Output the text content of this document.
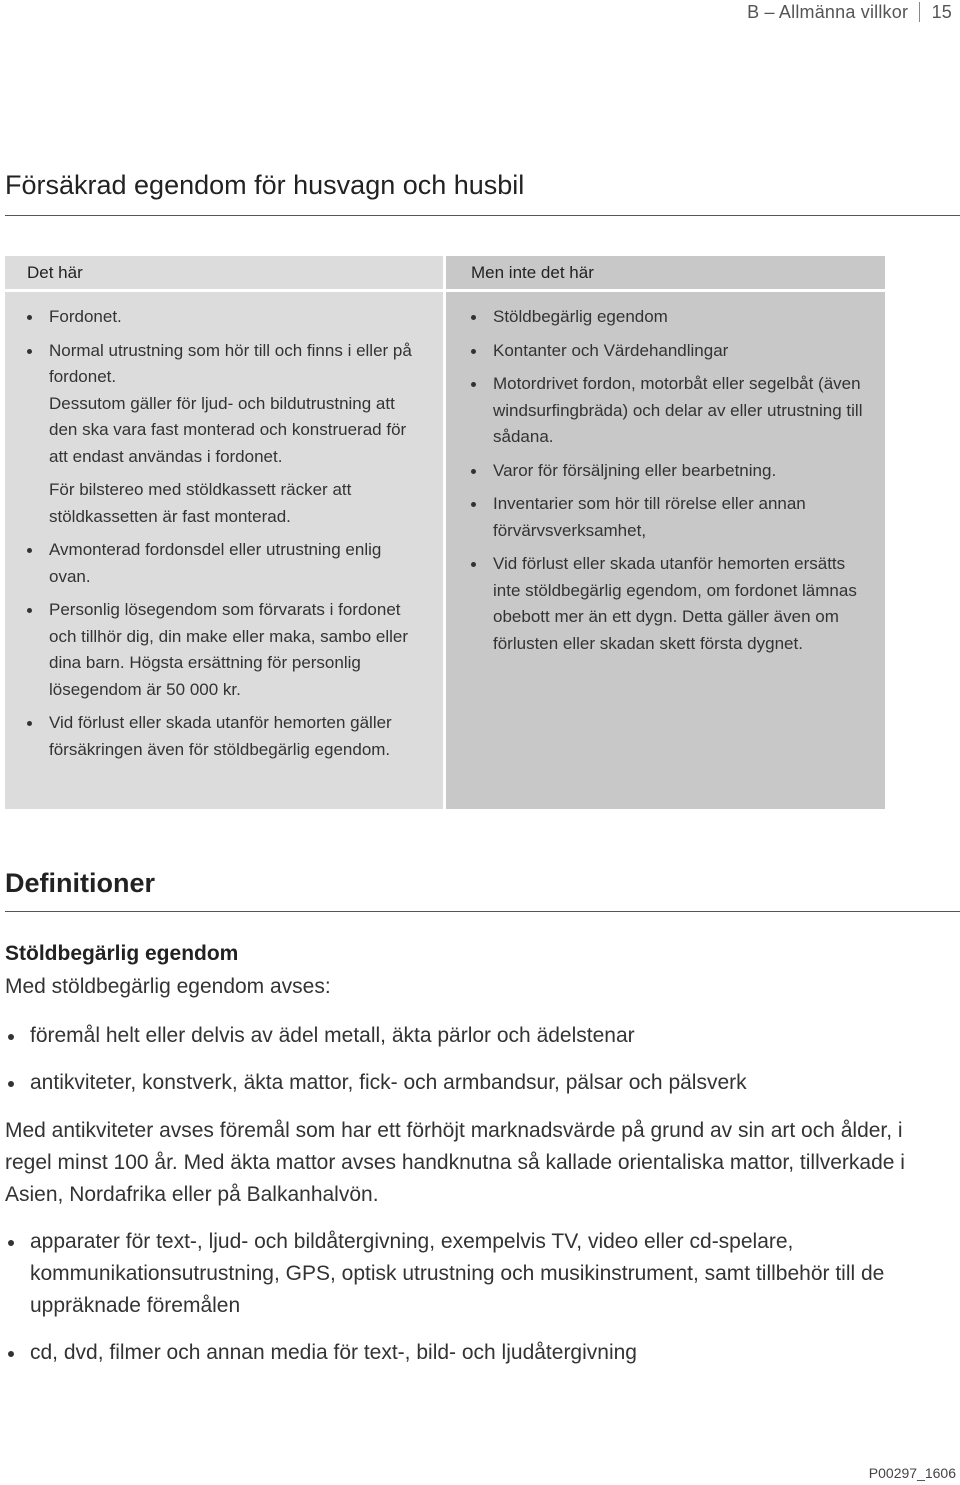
B – Allmänna villkor 15
Försäkrad egendom för husvagn och husbil
Det här
Fordonet.
Normal utrustning som hör till och finns i eller på fordonet.
Dessutom gäller för ljud- och bildutrustning att den ska vara fast monterad och konstruerad för att endast användas i fordonet.
För bilstereo med stöldkassett räcker att stöldkassetten är fast monterad.
Avmonterad fordonsdel eller utrustning enlig ovan.
Personlig lösegendom som förvarats i fordonet och tillhör dig, din make eller maka, sambo eller dina barn. Högsta ersättning för personlig lösegendom är 50 000 kr.
Vid förlust eller skada utanför hemorten gäller försäkringen även för stöldbegärlig egendom.
Men inte det här
Stöldbegärlig egendom
Kontanter och Värdehandlingar
Motordrivet fordon, motorbåt eller segelbåt (även windsurfingbräda) och delar av eller utrustning till sådana.
Varor för försäljning eller bearbetning.
Inventarier som hör till rörelse eller annan förvärvsverksamhet,
Vid förlust eller skada utanför hemorten ersätts inte stöldbegärlig egendom, om fordonet lämnas obebott mer än ett dygn. Detta gäller även om förlusten eller skadan skett första dygnet.
Definitioner
Stöldbegärlig egendom
Med stöldbegärlig egendom avses:
föremål helt eller delvis av ädel metall, äkta pärlor och ädelstenar
antikviteter, konstverk, äkta mattor, fick- och armbandsur, pälsar och pälsverk
Med antikviteter avses föremål som har ett förhöjt marknadsvärde på grund av sin art och ålder, i regel minst 100 år. Med äkta mattor avses handknutna så kallade orientaliska mattor, tillverkade i Asien, Nordafrika eller på Balkanhalvön.
apparater för text-, ljud- och bildåtergivning, exempelvis TV, video eller cd-spelare, kommunikationsutrustning, GPS, optisk utrustning och musikinstrument, samt tillbehör till de uppräknade föremålen
cd, dvd, filmer och annan media för text-, bild- och ljudåtergivning
P00297_1606
